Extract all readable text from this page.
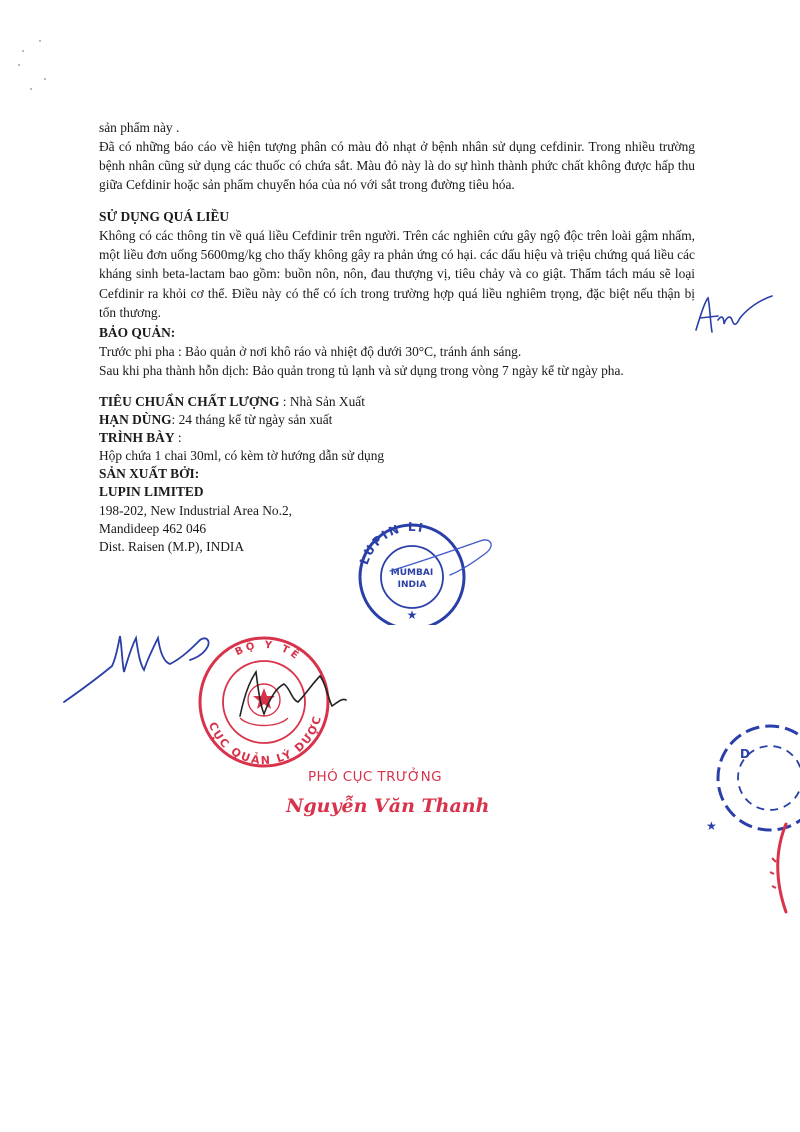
sản phẩm này .
Đã có những báo cáo về hiện tượng phân có màu đỏ nhạt ở bệnh nhân sử dụng cefdinir. Trong nhiều trường bệnh nhân cũng sử dụng các thuốc có chứa sắt. Màu đỏ này là do sự hình thành phức chất không được hấp thu giữa Cefdinir hoặc sản phẩm chuyển hóa của nó với sắt trong đường tiêu hóa.
SỬ DỤNG QUÁ LIỀU
Không có các thông tin về quá liều Cefdinir trên người. Trên các nghiên cứu gây ngộ độc trên loài gậm nhấm, một liều đơn uống 5600mg/kg cho thấy không gây ra phản ứng có hại. các dấu hiệu và triệu chứng quá liều các kháng sinh beta-lactam bao gồm: buồn nôn, nôn, đau thượng vị, tiêu chảy và co giật. Thẩm tách máu sẽ loại Cefdinir ra khỏi cơ thể. Điều này có thể có ích trong trường hợp quá liều nghiêm trọng, đặc biệt nếu thận bị tổn thương.
BẢO QUẢN:
Trước phi pha : Bảo quản ở nơi khô ráo và nhiệt độ dưới 30°C, tránh ánh sáng.
Sau khi pha thành hỗn dịch: Bảo quản trong tủ lạnh và sử dụng trong vòng 7 ngày kể từ ngày pha.
TIÊU CHUẨN CHẤT LƯỢNG : Nhà Sản Xuất
HẠN DÙNG: 24 tháng kể từ ngày sản xuất
TRÌNH BÀY :
Hộp chứa 1 chai 30ml, có kèm tờ hướng dẫn sử dụng
SẢN XUẤT BỞI:
LUPIN LIMITED
198-202, New Industrial Area No.2,
Mandideep 462 046
Dist. Raisen (M.P), INDIA
LUPIN LI
MUMBAI
INDIA
★
BỘ Y TẾ
CỤC QUẢN LÝ DƯỢC
PHÓ CỤC TRƯỞNG
Nguyễn Văn Thanh
D
★
